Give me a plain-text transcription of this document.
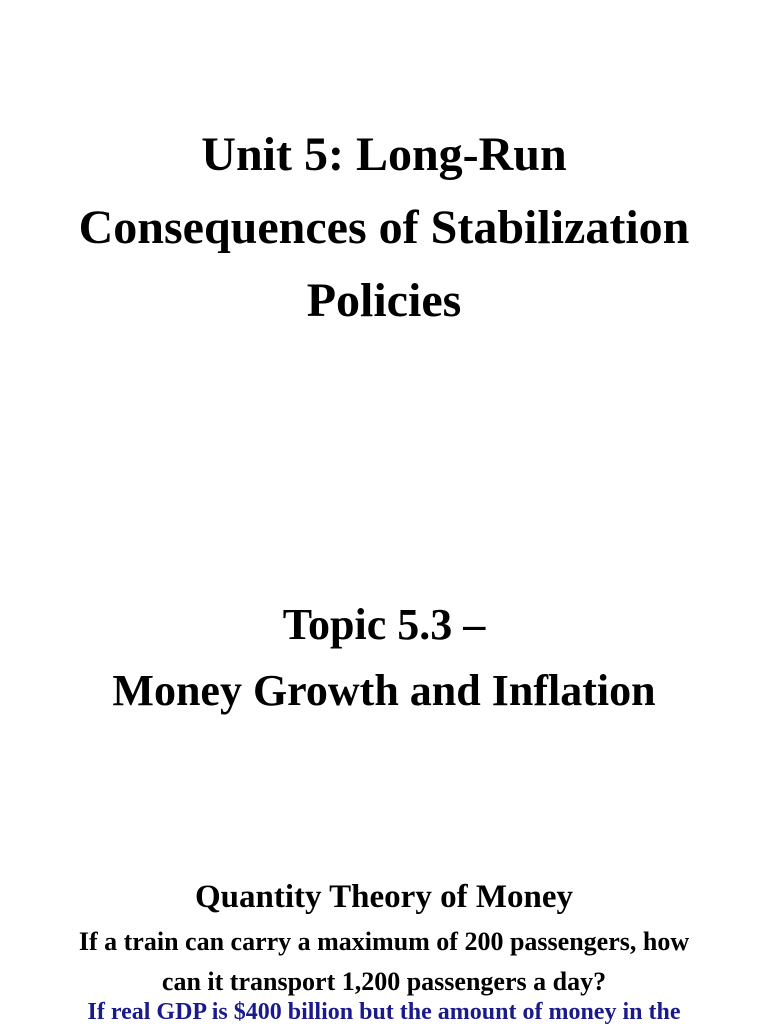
Unit 5: Long-Run
Consequences of Stabilization
Policies
Topic 5.3 –
Money Growth and Inflation
Quantity Theory of Money
If a train can carry a maximum of 200 passengers, how
can it transport 1,200 passengers a day?
If real GDP is $400 billion but the amount of money in the
